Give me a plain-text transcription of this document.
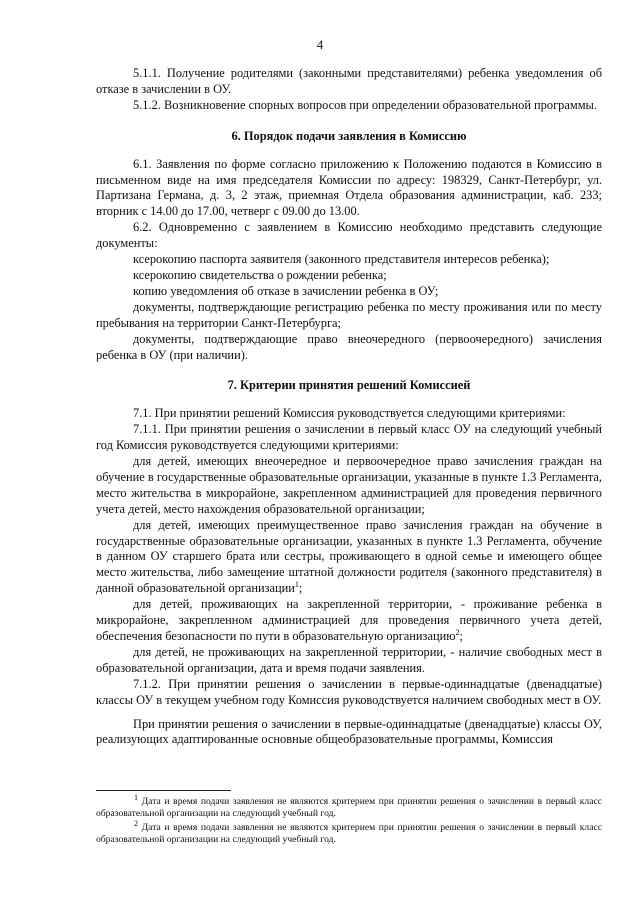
4

5.1.1. Получение родителями (законными представителями) ребенка уведомления об отказе в зачислении в ОУ.

5.1.2. Возникновение спорных вопросов при определении образовательной программы.

6. Порядок подачи заявления в Комиссию

6.1. Заявления по форме согласно приложению к Положению подаются в Комиссию в письменном виде на имя председателя Комиссии по адресу: 198329, Санкт-Петербург, ул. Партизана Германа, д. 3, 2 этаж, приемная Отдела образования администрации, каб. 233; вторник с 14.00 до 17.00, четверг с 09.00 до 13.00.

6.2. Одновременно с заявлением в Комиссию необходимо представить следующие документы:

ксерокопию паспорта заявителя (законного представителя интересов ребенка);

ксерокопию свидетельства о рождении ребенка;

копию уведомления об отказе в зачислении ребенка в ОУ;

документы, подтверждающие регистрацию ребенка по месту проживания или по месту пребывания на территории Санкт-Петербурга;

документы, подтверждающие право внеочередного (первоочередного) зачисления ребенка в ОУ (при наличии).

7. Критерии принятия решений Комиссией

7.1. При принятии решений Комиссия руководствуется следующими критериями:

7.1.1. При принятии решения о зачислении в первый класс ОУ на следующий учебный год Комиссия руководствуется следующими критериями:

для детей, имеющих внеочередное и первоочередное право зачисления граждан на обучение в государственные образовательные организации, указанные в пункте 1.3 Регламента, место жительства в микрорайоне, закрепленном администрацией для проведения первичного учета детей, место нахождения образовательной организации;

для детей, имеющих преимущественное право зачисления граждан на обучение в государственные образовательные организации, указанных в пункте 1.3 Регламента, обучение в данном ОУ старшего брата или сестры, проживающего в одной семье и имеющего общее место жительства, либо замещение штатной должности родителя (законного представителя) в данной образовательной организации$^1$;

для детей, проживающих на закрепленной территории, - проживание ребенка в микрорайоне, закрепленном администрацией для проведения первичного учета детей, обеспечения безопасности по пути в образовательную организацию$^2$;

для детей, не проживающих на закрепленной территории, - наличие свободных мест в образовательной организации, дата и время подачи заявления.

7.1.2. При принятии решения о зачислении в первые-одиннадцатые (двенадцатые) классы ОУ в текущем учебном году Комиссия руководствуется наличием свободных мест в ОУ.

При принятии решения о зачислении в первые-одиннадцатые (двенадцатые) классы ОУ, реализующих адаптированные основные общеобразовательные программы, Комиссия

$^1$ Дата и время подачи заявления не являются критерием при принятии решения о зачислении в первый класс образовательной организации на следующий учебный год.

$^2$ Дата и время подачи заявления не являются критерием при принятии решения о зачислении в первый класс образовательной организации на следующий учебный год.
